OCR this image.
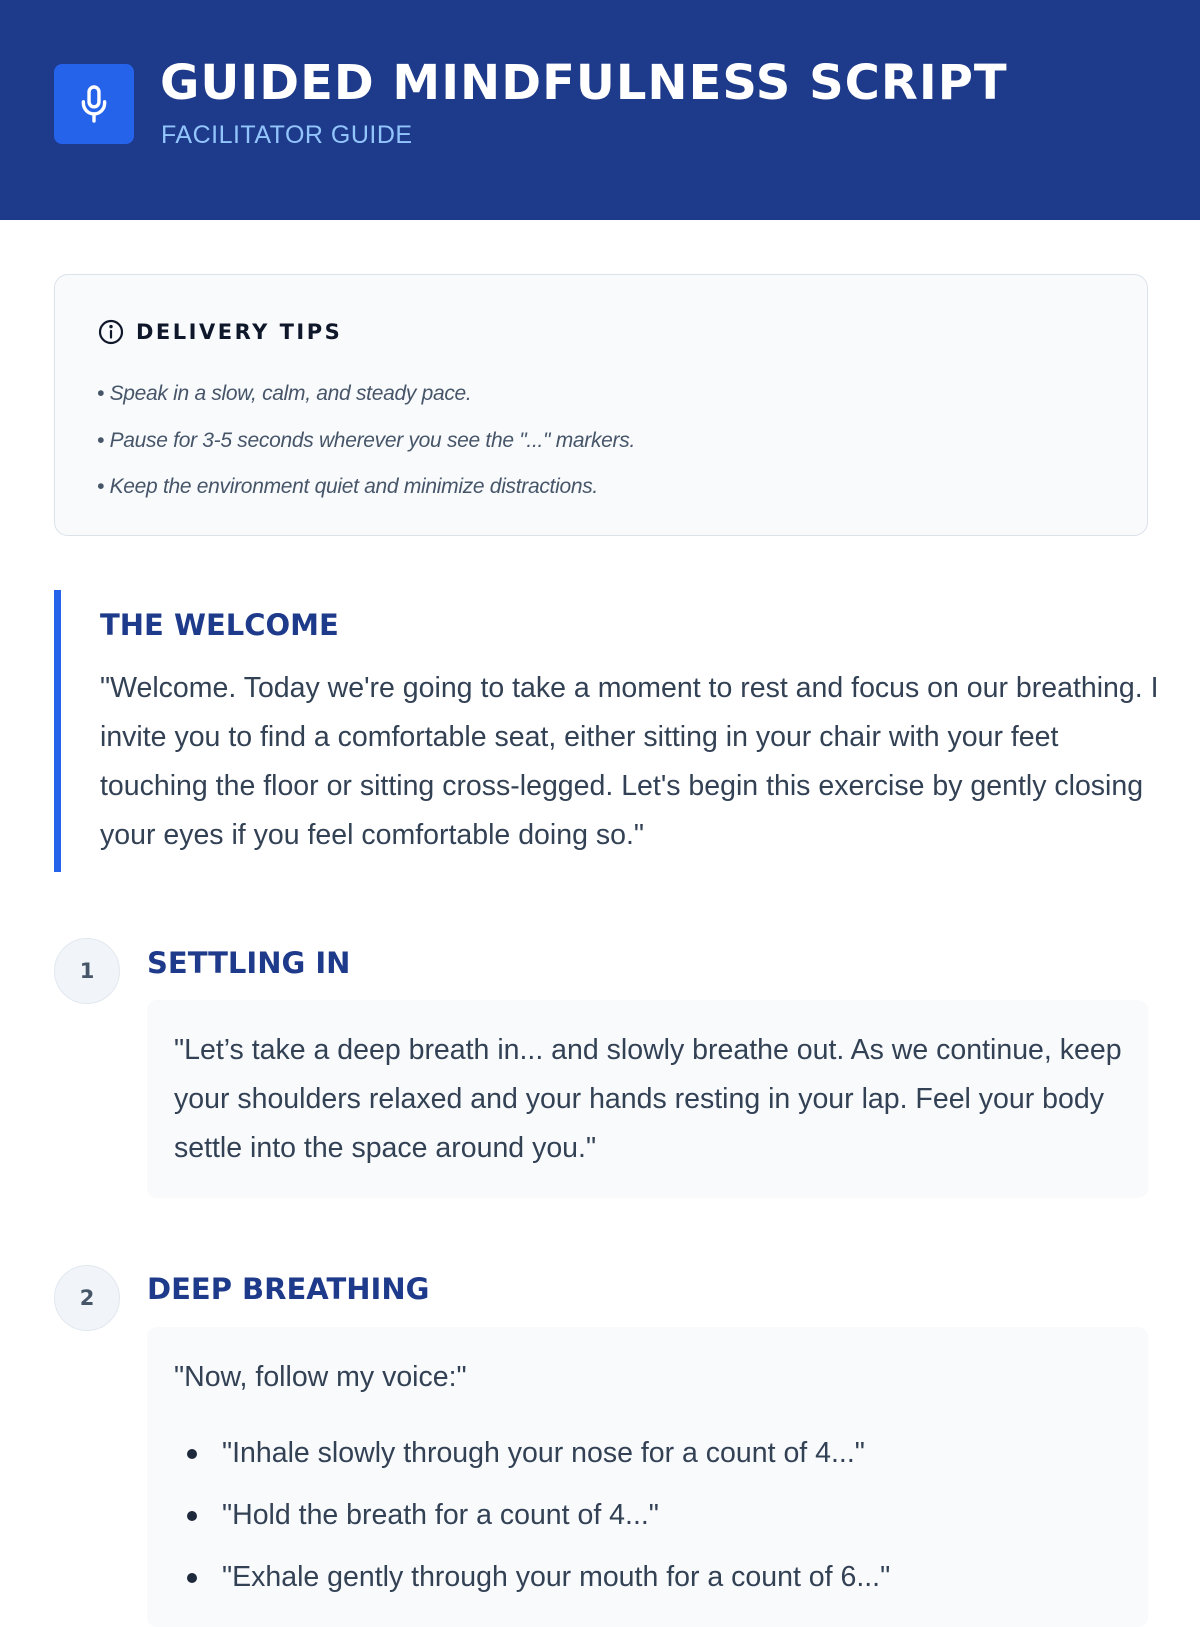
GUIDED MINDFULNESS SCRIPT
FACILITATOR GUIDE
DELIVERY TIPS
• Speak in a slow, calm, and steady pace.
• Pause for 3-5 seconds wherever you see the "..." markers.
• Keep the environment quiet and minimize distractions.
THE WELCOME

"Welcome. Today we're going to take a moment to rest and focus on our breathing. I invite you to find a comfortable seat, either sitting in your chair with your feet touching the floor or sitting cross-legged. Let's begin this exercise by gently closing your eyes if you feel comfortable doing so."

1	SETTLING IN

"Let’s take a deep breath in... and slowly breathe out. As we continue, keep your shoulders relaxed and your hands resting in your lap. Feel your body settle into the space around you."

2	DEEP BREATHING

"Now, follow my voice:"

"Inhale slowly through your nose for a count of 4..."
"Hold the breath for a count of 4..."
"Exhale gently through your mouth for a count of 6..."
